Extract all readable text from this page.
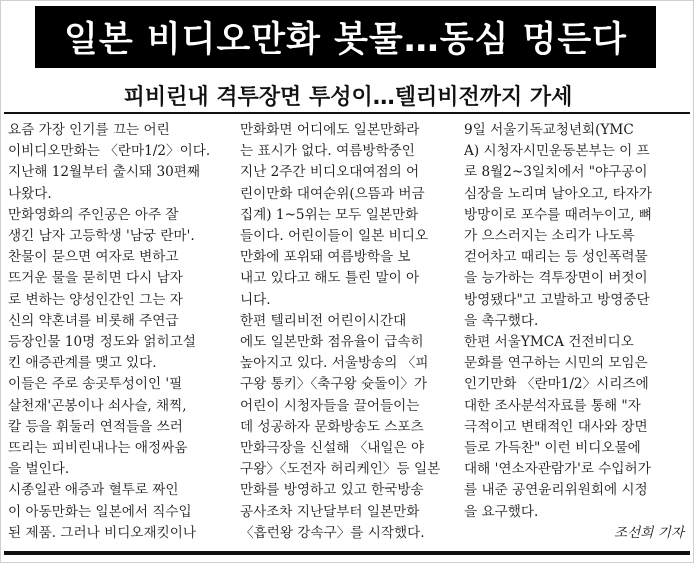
일본 비디오만화 봇물…동심 멍든다
피비린내 격투장면 투성이…텔리비전까지 가세
요즘 가장 인기를 끄는 어린
이비디오만화는 〈란마1/2〉이다.
지난해 12월부터 출시돼 30편째
나왔다.
만화영화의 주인공은 아주 잘
생긴 남자 고등학생 '남궁 란마'.
찬물이 묻으면 여자로 변하고
뜨거운 물을 묻히면 다시 남자
로 변하는 양성인간인 그는 자
신의 약혼녀를 비롯해 주연급
등장인물 10명 정도와 얽히고설
킨 애증관계를 맺고 있다.
이들은 주로 송곳투성이인 '필
살천재'곤봉이나 쇠사슬, 채찍,
칼 등을 휘둘러 연적들을 쓰러
뜨리는 피비린내나는 애정싸움
을 벌인다.
시종일관 애증과 혈투로 짜인
이 아동만화는 일본에서 직수입
된 제품. 그러나 비디오재킷이나
만화화면 어디에도 일본만화라
는 표시가 없다. 여름방학중인
지난 2주간 비디오대여점의 어
린이만화 대여순위(으뜸과 버금
집계) 1~5위는 모두 일본만화
들이다. 어린이들이 일본 비디오
만화에 포위돼 여름방학을 보
내고 있다고 해도 틀린 말이 아
니다.
한편 텔리비전 어린이시간대
에도 일본만화 점유율이 급속히
높아지고 있다. 서울방송의 〈피
구왕 통키〉〈축구왕 슛돌이〉가
어린이 시청자들을 끌어들이는
데 성공하자 문화방송도 스포츠
만화극장을 신설해 〈내일은 야
구왕〉〈도전자 허리케인〉등 일본
만화를 방영하고 있고 한국방송
공사조차 지난달부터 일본만화
〈흡런왕 강속구〉를 시작했다.
9일 서울기독교청년회(YMC
A) 시청자시민운동본부는 이 프
로 8월2~3일치에서 "야구공이
심장을 노리며 날아오고, 타자가
방망이로 포수를 때려누이고, 뼈
가 으스러지는 소리가 나도록
걷어차고 때리는 등 성인폭력물
을 능가하는 격투장면이 버젓이
방영됐다"고 고발하고 방영중단
을 촉구했다.
한편 서울YMCA 건전비디오
문화를 연구하는 시민의 모임은
인기만화 〈란마1/2〉시리즈에
대한 조사분석자료를 통해 "자
극적이고 변태적인 대사와 장면
들로 가득찬" 이런 비디오물에
대해 '연소자관람가'로 수입허가
를 내준 공연윤리위원회에 시정
을 요구했다.
조선희 기자
